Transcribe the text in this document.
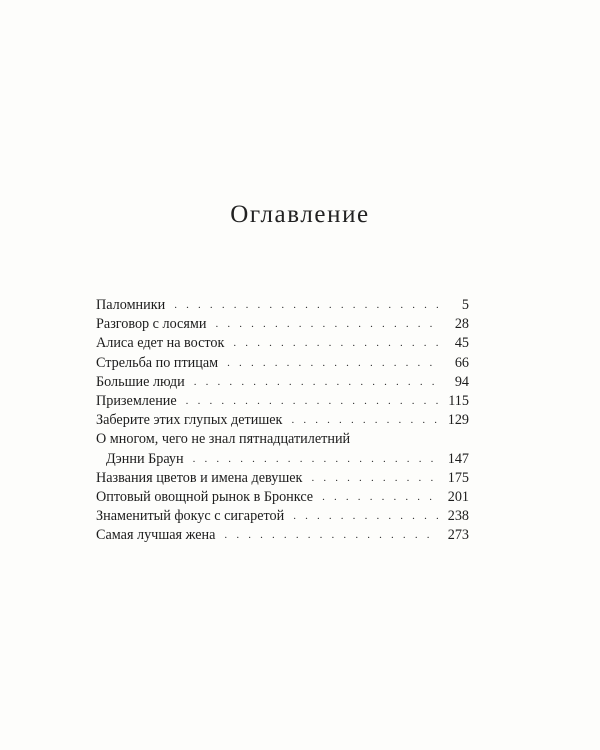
Оглавление
Паломники . . .	5
Разговор с лосями . . .	28
Алиса едет на восток . . .	45
Стрельба по птицам . . .	66
Большие люди . . .	94
Приземление . . .	115
Заберите этих глупых детишек . . .	129
О многом, чего не знал пятнадцатилетний
Дэнни Браун . . .	147
Названия цветов и имена девушек . . .	175
Оптовый овощной рынок в Бронксе . . .	201
Знаменитый фокус с сигаретой . . .	238
Самая лучшая жена . . .	273
